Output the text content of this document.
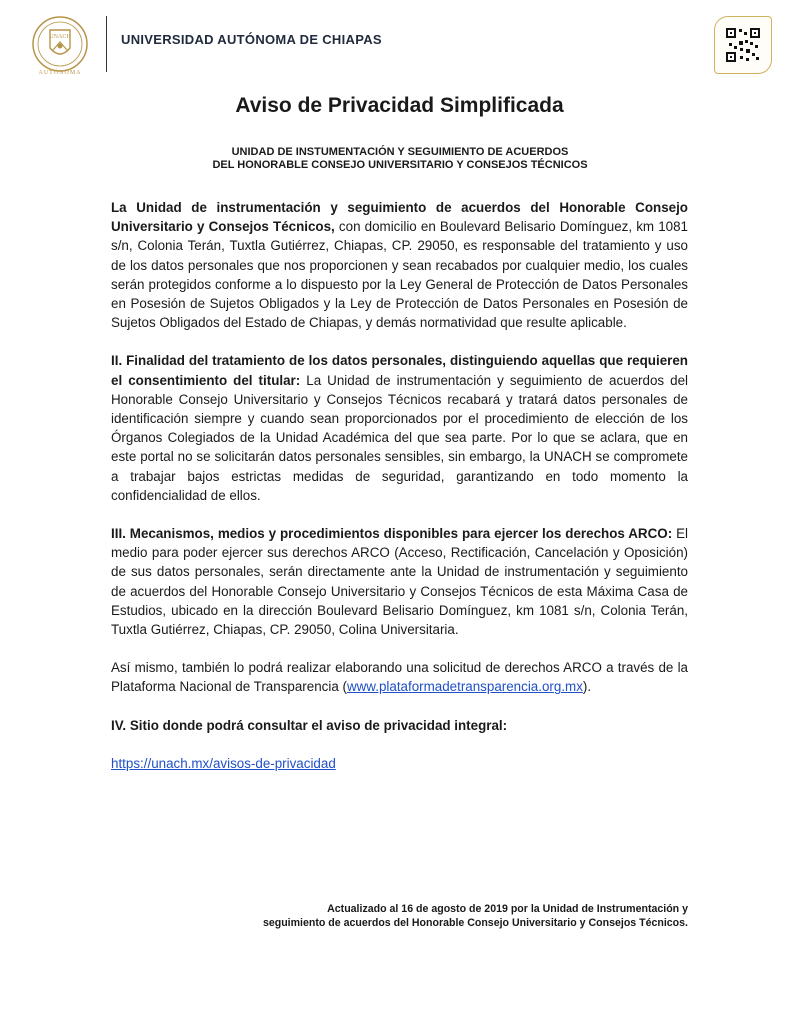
UNACH
AUTÓNOMA
UNIVERSIDAD AUTÓNOMA DE CHIAPAS
Aviso de Privacidad Simplificada
UNIDAD DE INSTUMENTACIÓN Y SEGUIMIENTO DE ACUERDOS
DEL HONORABLE CONSEJO UNIVERSITARIO Y CONSEJOS TÉCNICOS

La Unidad de instrumentación y seguimiento de acuerdos del Honorable Consejo Universitario y Consejos Técnicos, con domicilio en Boulevard Belisario Domínguez, km 1081 s/n, Colonia Terán, Tuxtla Gutiérrez, Chiapas, CP. 29050, es responsable del tratamiento y uso de los datos personales que nos proporcionen y sean recabados por cualquier medio, los cuales serán protegidos conforme a lo dispuesto por la Ley General de Protección de Datos Personales en Posesión de Sujetos Obligados y la Ley de Protección de Datos Personales en Posesión de Sujetos Obligados del Estado de Chiapas, y demás normatividad que resulte aplicable.

II. Finalidad del tratamiento de los datos personales, distinguiendo aquellas que requieren el consentimiento del titular: La Unidad de instrumentación y seguimiento de acuerdos del Honorable Consejo Universitario y Consejos Técnicos recabará y tratará datos personales de identificación siempre y cuando sean proporcionados por el procedimiento de elección de los Órganos Colegiados de la Unidad Académica del que sea parte. Por lo que se aclara, que en este portal no se solicitarán datos personales sensibles, sin embargo, la UNACH se compromete a trabajar bajos estrictas medidas de seguridad, garantizando en todo momento la confidencialidad de ellos.

III. Mecanismos, medios y procedimientos disponibles para ejercer los derechos ARCO: El medio para poder ejercer sus derechos ARCO (Acceso, Rectificación, Cancelación y Oposición) de sus datos personales, serán directamente ante la Unidad de instrumentación y seguimiento de acuerdos del Honorable Consejo Universitario y Consejos Técnicos de esta Máxima Casa de Estudios, ubicado en la dirección Boulevard Belisario Domínguez, km 1081 s/n, Colonia Terán, Tuxtla Gutiérrez, Chiapas, CP. 29050, Colina Universitaria.

Así mismo, también lo podrá realizar elaborando una solicitud de derechos ARCO a través de la Plataforma Nacional de Transparencia (www.plataformadetransparencia.org.mx).

IV. Sitio donde podrá consultar el aviso de privacidad integral:

https://unach.mx/avisos-de-privacidad

Actualizado al 16 de agosto de 2019 por la Unidad de Instrumentación y
seguimiento de acuerdos del Honorable Consejo Universitario y Consejos Técnicos.
